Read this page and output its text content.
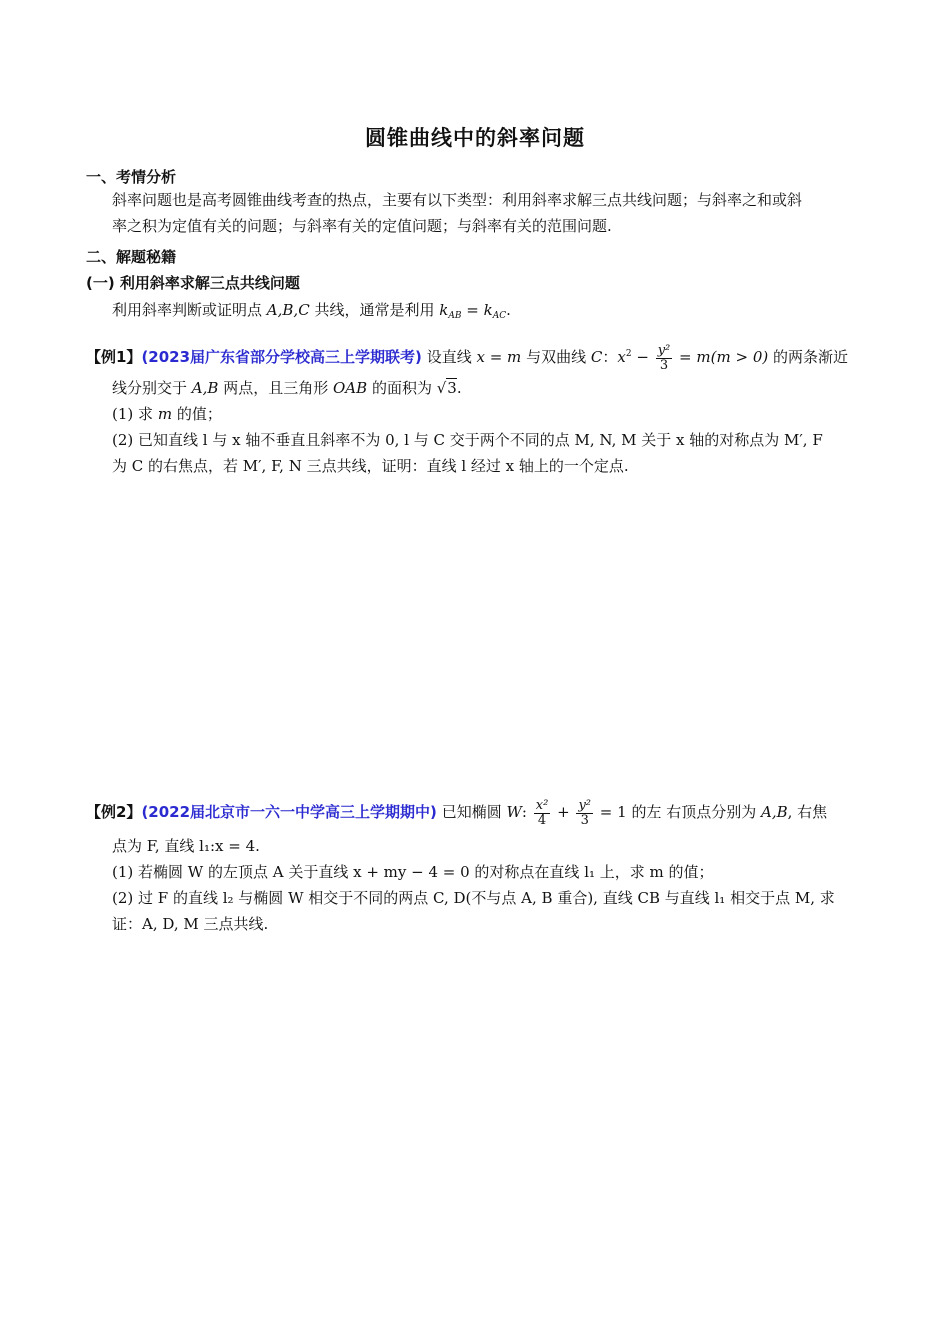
圆锥曲线中的斜率问题
一、考情分析
斜率问题也是高考圆锥曲线考查的热点，主要有以下类型：利用斜率求解三点共线问题；与斜率之和或斜
率之积为定值有关的问题；与斜率有关的定值问题；与斜率有关的范围问题.
二、解题秘籍
(一) 利用斜率求解三点共线问题
利用斜率判断或证明点 A,B,C 共线，通常是利用 $k_{AB} = k_{AC}$.
【例1】(2023届广东省部分学校高三上学期联考) 设直线 x = m 与双曲线 C：$x^2 - \frac{\text{y²}}{3} = m(m > 0)$ 的两条渐近
线分别交于 A,B 两点，且三角形 OAB 的面积为 √3.
(1) 求 m 的值；
(2) 已知直线 l 与 x 轴不垂直且斜率不为 0, l 与 C 交于两个不同的点 M, N, M 关于 x 轴的对称点为 M′, F
为 C 的右焦点，若 M′, F, N 三点共线，证明：直线 l 经过 x 轴上的一个定点.
【例2】(2022届北京市一六一中学高三上学期期中) 已知椭圆 W: $\frac{\text{x²}}{4} + \frac{\text{y²}}{3} = 1$ 的左 右顶点分别为 A,B, 右焦
点为 F, 直线 l₁:x = 4.
(1) 若椭圆 W 的左顶点 A 关于直线 x + my − 4 = 0 的对称点在直线 l₁ 上，求 m 的值；
(2) 过 F 的直线 l₂ 与椭圆 W 相交于不同的两点 C, D(不与点 A, B 重合), 直线 CB 与直线 l₁ 相交于点 M, 求
证：A, D, M 三点共线.
